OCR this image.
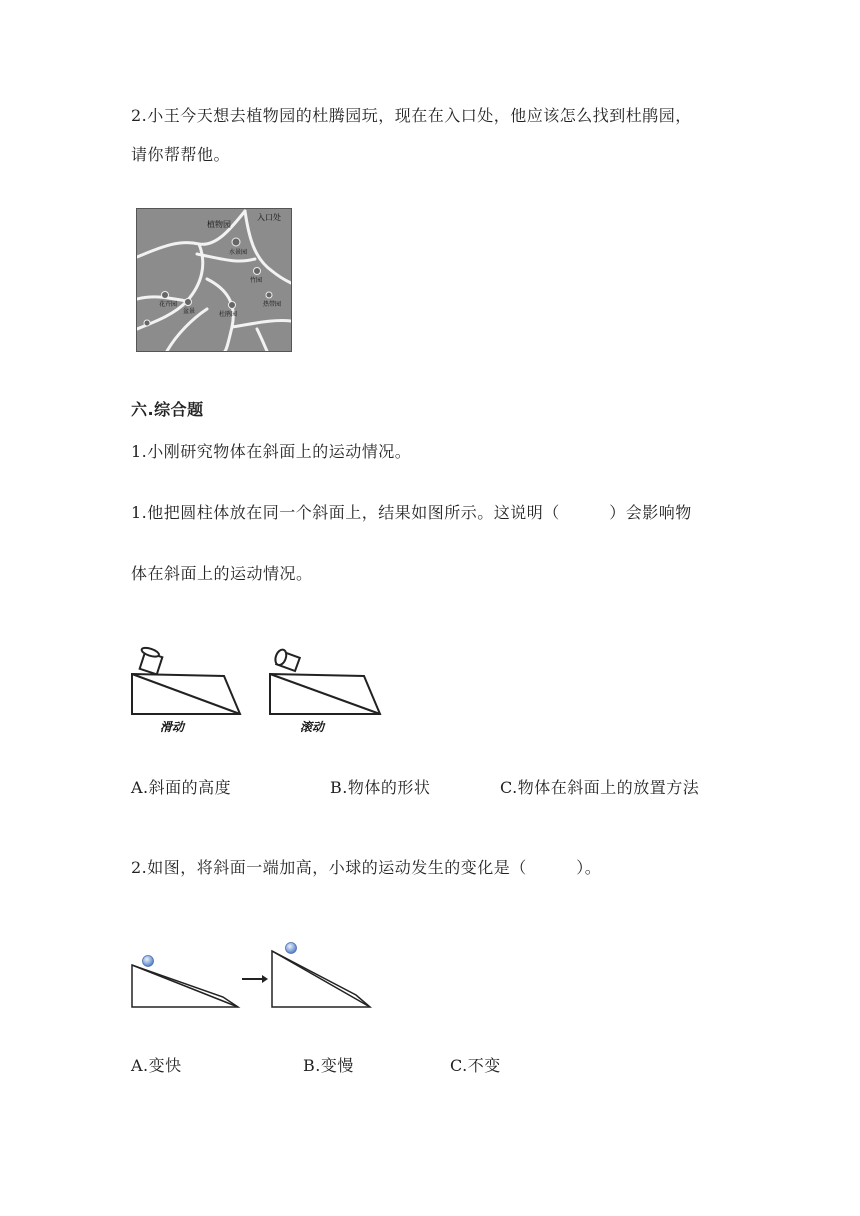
2.小王今天想去植物园的杜腾园玩，现在在入口处，他应该怎么找到杜鹃园，
请你帮帮他。
植物园
入口处
水景园
竹园
花卉园
盆景	杜鹃园
热带园
六.综合题
1.小刚研究物体在斜面上的运动情况。
1.他把圆柱体放在同一个斜面上，结果如图所示。这说明（　　　）会影响物
体在斜面上的运动情况。
滑动	滚动
A.斜面的高度	B.物体的形状	C.物体在斜面上的放置方法
2.如图，将斜面一端加高，小球的运动发生的变化是（　　　）。
A.变快	B.变慢	C.不变
